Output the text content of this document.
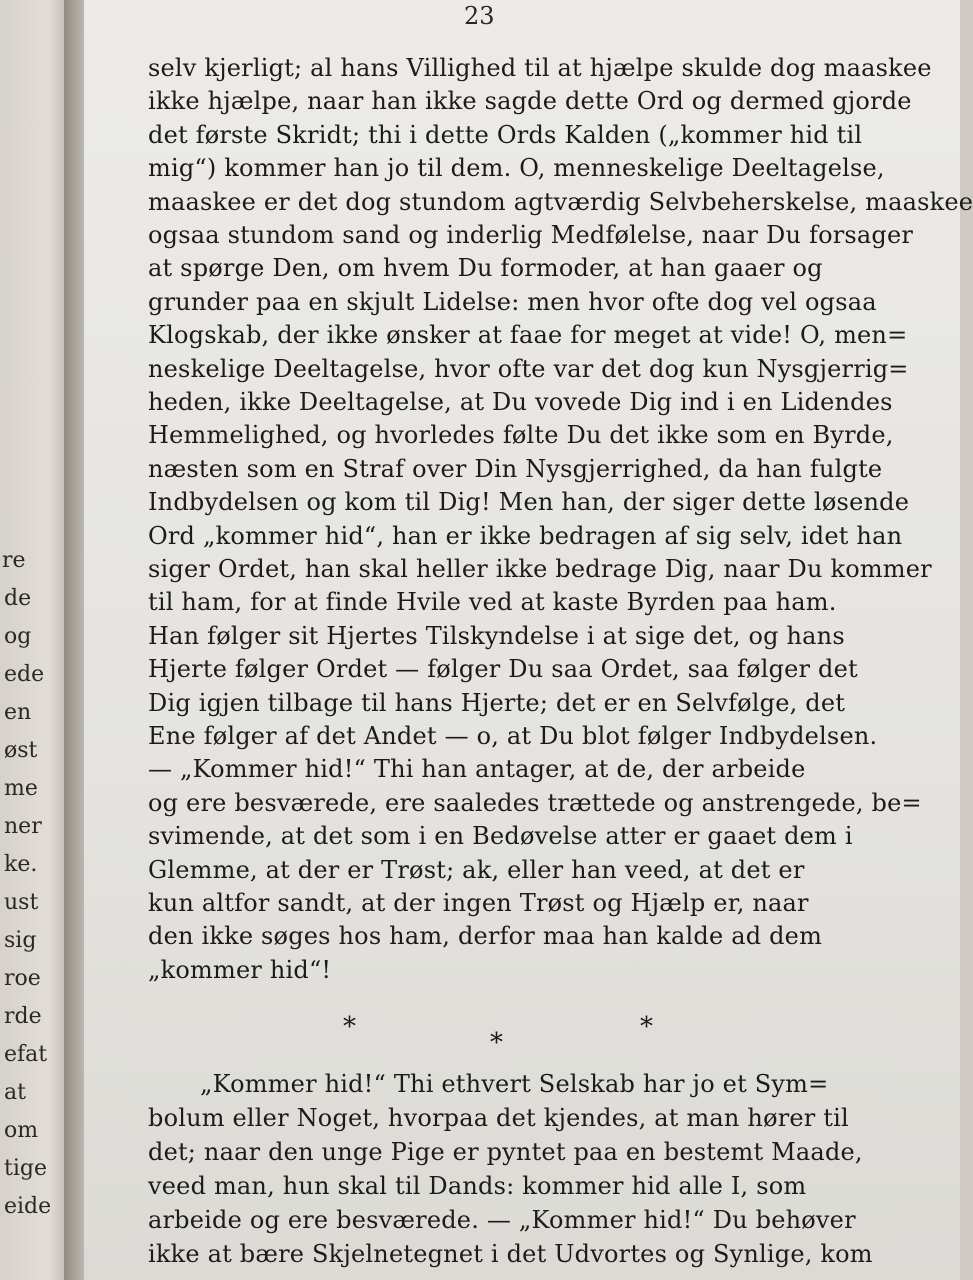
re
de
og
ede
en
øst
me
ner
ke.
ust
sig
roe
rde
efat
at
om
tige
eide
23
selv kjerligt; al hans Villighed til at hjælpe skulde dog maaskee
ikke hjælpe, naar han ikke sagde dette Ord og dermed gjorde
det første Skridt; thi i dette Ords Kalden („kommer hid til
mig“) kommer han jo til dem. O, menneskelige Deeltagelse,
maaskee er det dog stundom agtværdig Selvbeherskelse, maaskee
ogsaa stundom sand og inderlig Medfølelse, naar Du forsager
at spørge Den, om hvem Du formoder, at han gaaer og
grunder paa en skjult Lidelse: men hvor ofte dog vel ogsaa
Klogskab, der ikke ønsker at faae for meget at vide! O, men=
neskelige Deeltagelse, hvor ofte var det dog kun Nysgjerrig=
heden, ikke Deeltagelse, at Du vovede Dig ind i en Lidendes
Hemmelighed, og hvorledes følte Du det ikke som en Byrde,
næsten som en Straf over Din Nysgjerrighed, da han fulgte
Indbydelsen og kom til Dig! Men han, der siger dette løsende
Ord „kommer hid“, han er ikke bedragen af sig selv, idet han
siger Ordet, han skal heller ikke bedrage Dig, naar Du kommer
til ham, for at finde Hvile ved at kaste Byrden paa ham.
Han følger sit Hjertes Tilskyndelse i at sige det, og hans
Hjerte følger Ordet — følger Du saa Ordet, saa følger det
Dig igjen tilbage til hans Hjerte; det er en Selvfølge, det
Ene følger af det Andet — o, at Du blot følger Indbydelsen.
— „Kommer hid!“ Thi han antager, at de, der arbeide
og ere besværede, ere saaledes trættede og anstrengede, be=
svimende, at det som i en Bedøvelse atter er gaaet dem i
Glemme, at der er Trøst; ak, eller han veed, at det er
kun altfor sandt, at der ingen Trøst og Hjælp er, naar
den ikke søges hos ham, derfor maa han kalde ad dem
„kommer hid“!
*
*
*
„Kommer hid!“ Thi ethvert Selskab har jo et Sym=
bolum eller Noget, hvorpaa det kjendes, at man hører til
det; naar den unge Pige er pyntet paa en bestemt Maade,
veed man, hun skal til Dands: kommer hid alle I, som
arbeide og ere besværede. — „Kommer hid!“ Du behøver
ikke at bære Skjelnetegnet i det Udvortes og Synlige, kom
